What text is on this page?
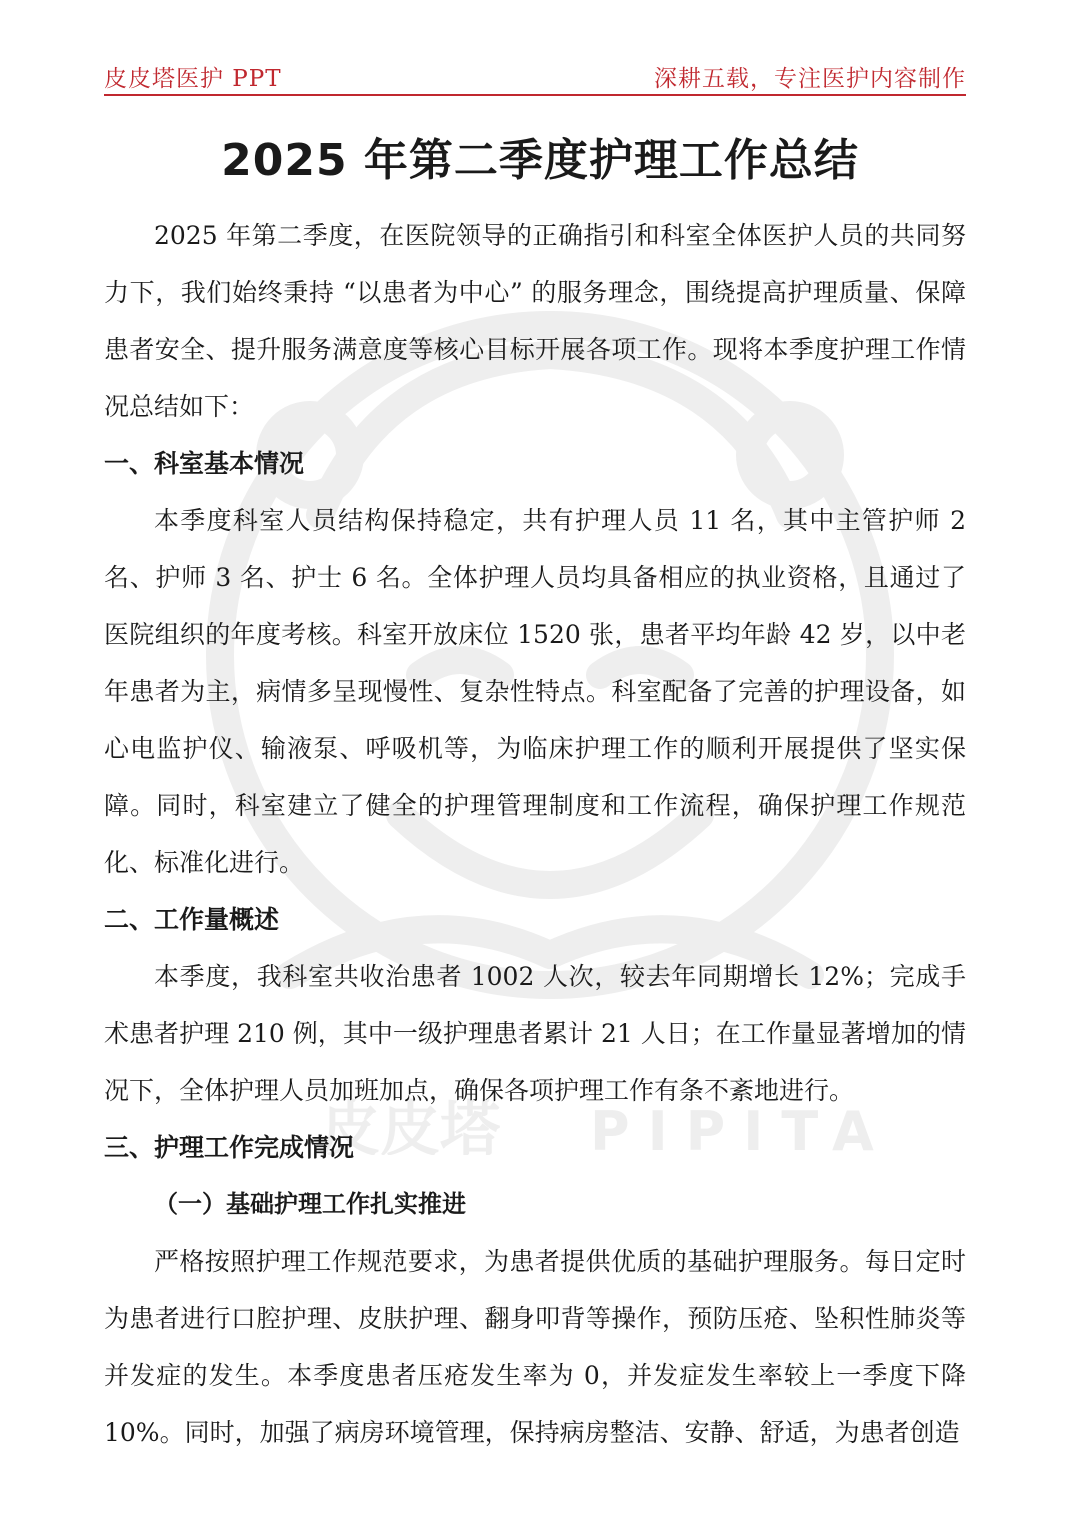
皮皮塔 PIPITA
皮皮塔医护 PPT	深耕五载，专注医护内容制作
2025 年第二季度护理工作总结

2025 年第二季度，在医院领导的正确指引和科室全体医护人员的共同努力下，我们始终秉持 “以患者为中心” 的服务理念，围绕提高护理质量、保障患者安全、提升服务满意度等核心目标开展各项工作。现将本季度护理工作情况总结如下：

一、科室基本情况

本季度科室人员结构保持稳定，共有护理人员 11 名，其中主管护师 2 名、护师 3 名、护士 6 名。全体护理人员均具备相应的执业资格，且通过了医院组织的年度考核。科室开放床位 1520 张，患者平均年龄 42 岁，以中老年患者为主，病情多呈现慢性、复杂性特点。科室配备了完善的护理设备，如心电监护仪、输液泵、呼吸机等，为临床护理工作的顺利开展提供了坚实保障。同时，科室建立了健全的护理管理制度和工作流程，确保护理工作规范化、标准化进行。

二、工作量概述

本季度，我科室共收治患者 1002 人次，较去年同期增长 12%；完成手术患者护理 210 例，其中一级护理患者累计 21 人日；在工作量显著增加的情况下，全体护理人员加班加点，确保各项护理工作有条不紊地进行。

三、护理工作完成情况
（一）基础护理工作扎实推进

严格按照护理工作规范要求，为患者提供优质的基础护理服务。每日定时为患者进行口腔护理、皮肤护理、翻身叩背等操作，预防压疮、坠积性肺炎等并发症的发生。本季度患者压疮发生率为 0，并发症发生率较上一季度下降 10%。同时，加强了病房环境管理，保持病房整洁、安静、舒适，为患者创造
